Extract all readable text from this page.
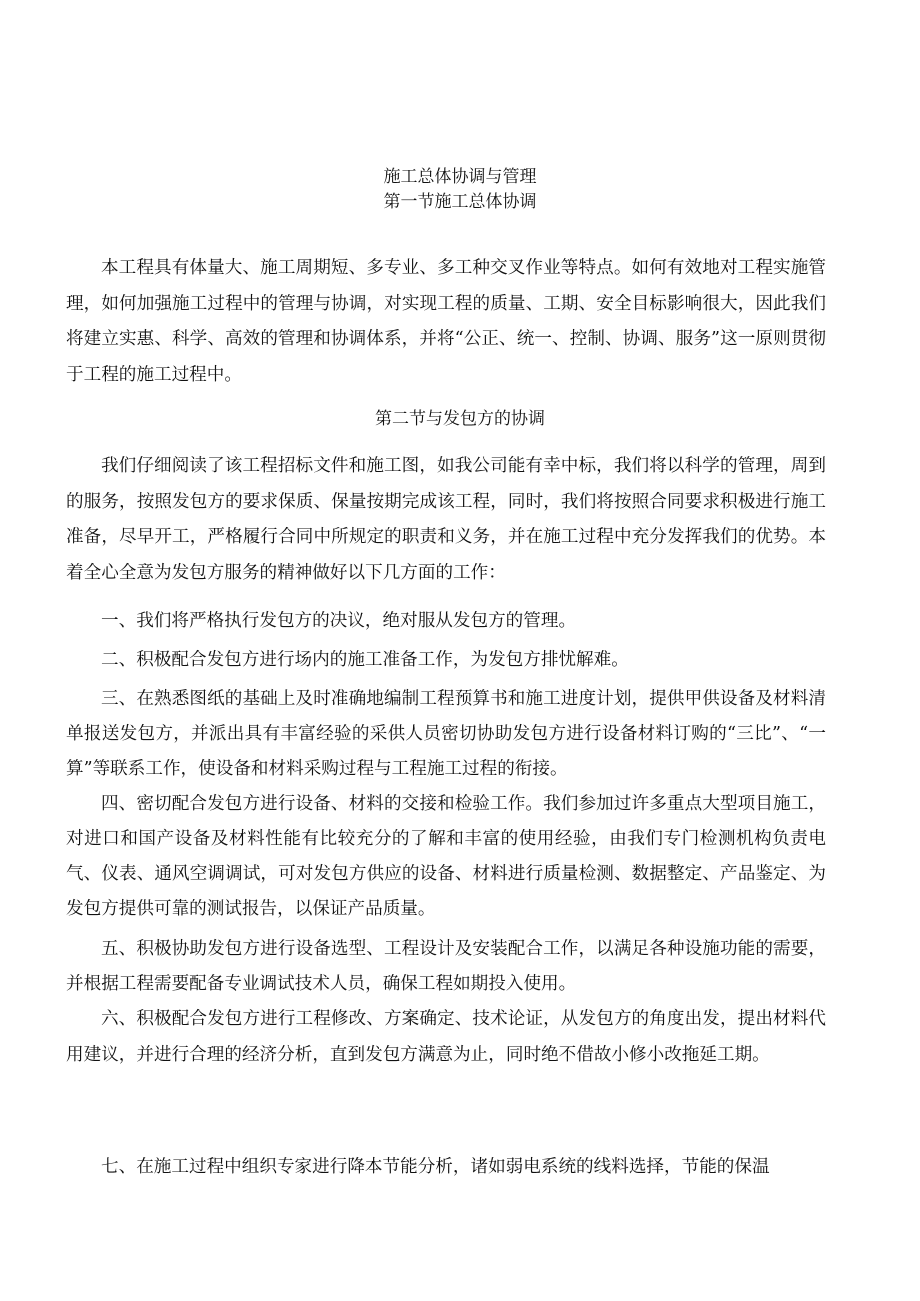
施工总体协调与管理
第一节施工总体协调

本工程具有体量大、施工周期短、多专业、多工种交叉作业等特点。如何有效地对工程实施管理，如何加强施工过程中的管理与协调，对实现工程的质量、工期、安全目标影响很大，因此我们将建立实惠、科学、高效的管理和协调体系，并将“公正、统一、控制、协调、服务”这一原则贯彻于工程的施工过程中。

第二节与发包方的协调

我们仔细阅读了该工程招标文件和施工图，如我公司能有幸中标，我们将以科学的管理，周到的服务，按照发包方的要求保质、保量按期完成该工程，同时，我们将按照合同要求积极进行施工准备，尽早开工，严格履行合同中所规定的职责和义务，并在施工过程中充分发挥我们的优势。本着全心全意为发包方服务的精神做好以下几方面的工作：

一、我们将严格执行发包方的决议，绝对服从发包方的管理。

二、积极配合发包方进行场内的施工准备工作，为发包方排忧解难。

三、在熟悉图纸的基础上及时准确地编制工程预算书和施工进度计划，提供甲供设备及材料清单报送发包方，并派出具有丰富经验的采供人员密切协助发包方进行设备材料订购的“三比”、“一算”等联系工作，使设备和材料采购过程与工程施工过程的衔接。

四、密切配合发包方进行设备、材料的交接和检验工作。我们参加过许多重点大型项目施工，对进口和国产设备及材料性能有比较充分的了解和丰富的使用经验，由我们专门检测机构负责电气、仪表、通风空调调试，可对发包方供应的设备、材料进行质量检测、数据整定、产品鉴定、为发包方提供可靠的测试报告，以保证产品质量。

五、积极协助发包方进行设备选型、工程设计及安装配合工作，以满足各种设施功能的需要，并根据工程需要配备专业调试技术人员，确保工程如期投入使用。

六、积极配合发包方进行工程修改、方案确定、技术论证，从发包方的角度出发，提出材料代用建议，并进行合理的经济分析，直到发包方满意为止，同时绝不借故小修小改拖延工期。

七、在施工过程中组织专家进行降本节能分析，诸如弱电系统的线料选择，节能的保温
